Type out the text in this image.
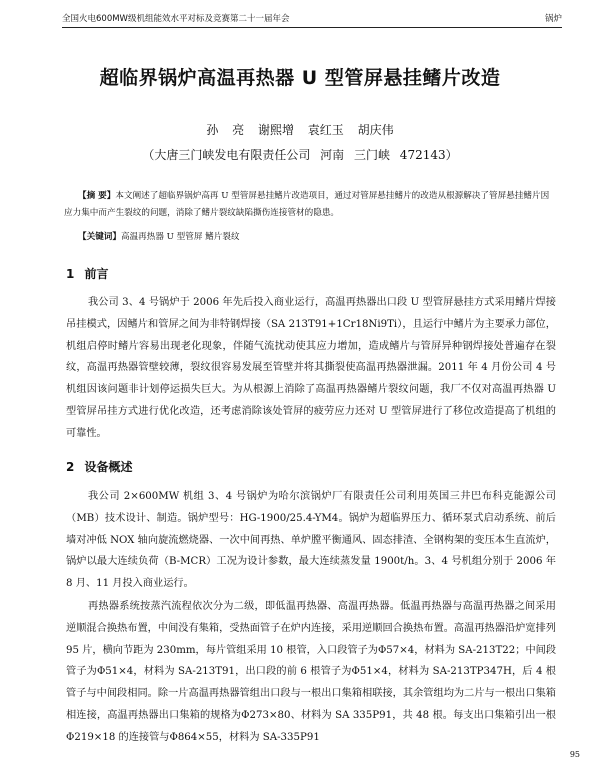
全国火电600MW级机组能效水平对标及竞赛第二十一届年会	锅炉
超临界锅炉高温再热器 U 型管屏悬挂鳍片改造
孙 亮 谢熙增 袁红玉 胡庆伟
（大唐三门峡发电有限责任公司 河南 三门峡 472143）
【摘 要】本文阐述了超临界锅炉高再 U 型管屏悬挂鳍片改造项目，通过对管屏悬挂鳍片的改造从根源解决了管屏悬挂鳍片因应力集中而产生裂纹的问题，消除了鳍片裂纹缺陷撕伤连接管材的隐患。
【关键词】高温再热器 U 型管屏 鳍片裂纹
1 前言

我公司 3、4 号锅炉于 2006 年先后投入商业运行，高温再热器出口段 U 型管屏悬挂方式采用鳍片焊接吊挂模式，因鳍片和管屏之间为非特钢焊接（SA 213T91+1Cr18Ni9Ti），且运行中鳍片为主要承力部位，机组启停时鳍片容易出现老化现象，伴随气流扰动使其应力增加，造成鳍片与管屏异种钢焊接处普遍存在裂纹，高温再热器管壁较薄，裂纹很容易发展至管壁并将其撕裂使高温再热器泄漏。2011 年 4 月份公司 4 号机组因该问题非计划停运损失巨大。为从根源上消除了高温再热器鳍片裂纹问题，我厂不仅对高温再热器 U 型管屏吊挂方式进行优化改造，还考虑消除该处管屏的疲劳应力还对 U 型管屏进行了移位改造提高了机组的可靠性。

2 设备概述

我公司 2×600MW 机组 3、4 号锅炉为哈尔滨锅炉厂有限责任公司利用英国三井巴布科克能源公司（MB）技术设计、制造。锅炉型号：HG-1900/25.4-YM4。锅炉为超临界压力、循环泵式启动系统、前后墙对冲低 NOX 轴向旋流燃烧器、一次中间再热、单炉膛平衡通风、固态排渣、全钢构架的变压本生直流炉，锅炉以最大连续负荷（B-MCR）工况为设计参数，最大连续蒸发量 1900t/h。3、4 号机组分别于 2006 年 8 月、11 月投入商业运行。

再热器系统按蒸汽流程依次分为二级，即低温再热器、高温再热器。低温再热器与高温再热器之间采用逆顺混合换热布置，中间没有集箱，受热面管子在炉内连接，采用逆顺回合换热布置。高温再热器沿炉宽排列 95 片，横向节距为 230mm，每片管组采用 10 根管，入口段管子为Φ57×4，材料为 SA-213T22；中间段管子为Φ51×4，材料为 SA-213T91，出口段的前 6 根管子为Φ51×4，材料为 SA-213TP347H，后 4 根管子与中间段相同。除一片高温再热器管组出口段与一根出口集箱相联接，其余管组均为二片与一根出口集箱相连接，高温再热器出口集箱的规格为Φ273×80、材料为 SA 335P91，共 48 根。每支出口集箱引出一根Φ219×18 的连接管与Φ864×55，材料为 SA-335P91

95
